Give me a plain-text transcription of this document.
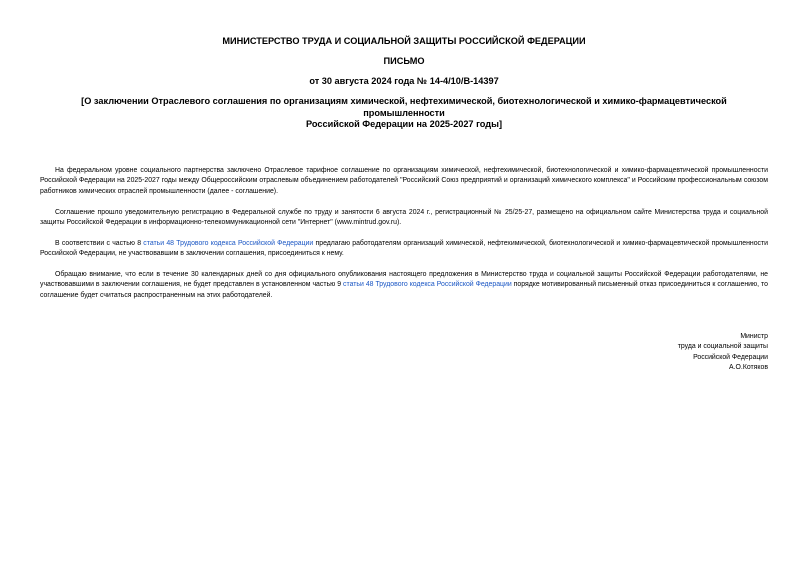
МИНИСТЕРСТВО ТРУДА И СОЦИАЛЬНОЙ ЗАЩИТЫ РОССИЙСКОЙ ФЕДЕРАЦИИ
ПИСЬМО
от 30 августа 2024 года № 14-4/10/В-14397
[О заключении Отраслевого соглашения по организациям химической, нефтехимической, биотехнологической и химико-фармацевтической промышленности
Российской Федерации на 2025-2027 годы]

На федеральном уровне социального партнерства заключено Отраслевое тарифное соглашение по организациям химической, нефтехимической, биотехнологической и химико-фармацевтической промышленности Российской Федерации на 2025-2027 годы между Общероссийским отраслевым объединением работодателей "Российский Союз предприятий и организаций химического комплекса" и Российским профессиональным союзом работников химических отраслей промышленности (далее - соглашение).

Соглашение прошло уведомительную регистрацию в Федеральной службе по труду и занятости 6 августа 2024 г., регистрационный № 25/25-27, размещено на официальном сайте Министерства труда и социальной защиты Российской Федерации в информационно-телекоммуникационной сети "Интернет" (www.mintrud.gov.ru).

В соответствии с частью 8 статьи 48 Трудового кодекса Российской Федерации предлагаю работодателям организаций химической, нефтехимической, биотехнологической и химико-фармацевтической промышленности Российской Федерации, не участвовавшим в заключении соглашения, присоединиться к нему.

Обращаю внимание, что если в течение 30 календарных дней со дня официального опубликования настоящего предложения в Министерство труда и социальной защиты Российской Федерации работодателями, не участвовавшими в заключении соглашения, не будет представлен в установленном частью 9 статьи 48 Трудового кодекса Российской Федерации порядке мотивированный письменный отказ присоединиться к соглашению, то соглашение будет считаться распространенным на этих работодателей.

Министр
труда и социальной защиты
Российской Федерации
А.О.Котяков
